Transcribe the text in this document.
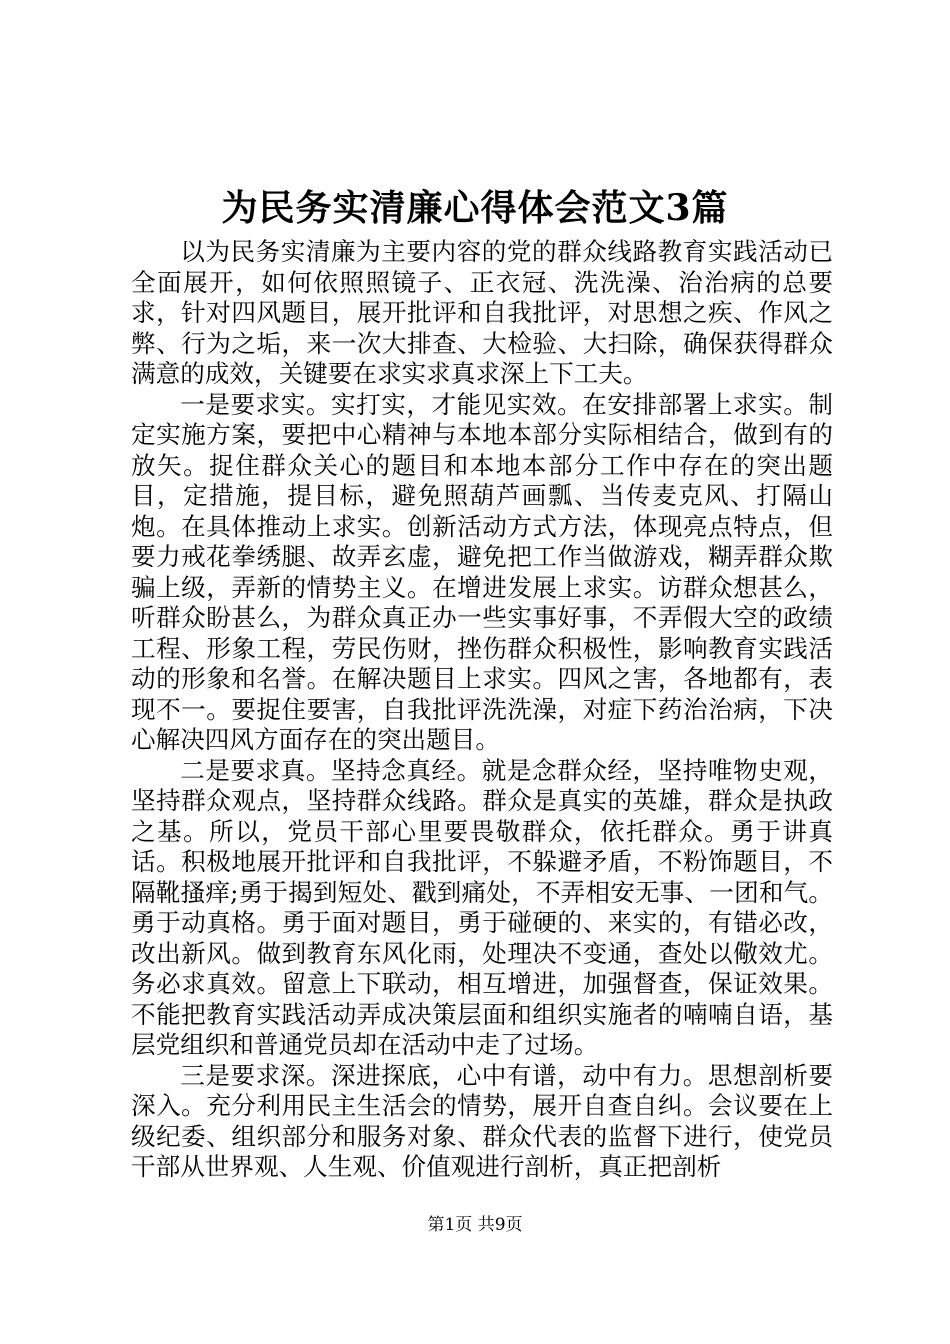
为民务实清廉心得体会范文3篇

以为民务实清廉为主要内容的党的群众线路教育实践活动已全面展开，如何依照照镜子、正衣冠、洗洗澡、治治病的总要求，针对四风题目，展开批评和自我批评，对思想之疾、作风之弊、行为之垢，来一次大排查、大检验、大扫除，确保获得群众满意的成效，关键要在求实求真求深上下工夫。

一是要求实。实打实，才能见实效。在安排部署上求实。制定实施方案，要把中心精神与本地本部分实际相结合，做到有的放矢。捉住群众关心的题目和本地本部分工作中存在的突出题目，定措施，提目标，避免照葫芦画瓢、当传麦克风、打隔山炮。在具体推动上求实。创新活动方式方法，体现亮点特点，但要力戒花拳绣腿、故弄玄虚，避免把工作当做游戏，糊弄群众欺骗上级，弄新的情势主义。在增进发展上求实。访群众想甚么，听群众盼甚么，为群众真正办一些实事好事，不弄假大空的政绩工程、形象工程，劳民伤财，挫伤群众积极性，影响教育实践活动的形象和名誉。在解决题目上求实。四风之害，各地都有，表现不一。要捉住要害，自我批评洗洗澡，对症下药治治病，下决心解决四风方面存在的突出题目。

二是要求真。坚持念真经。就是念群众经，坚持唯物史观，坚持群众观点，坚持群众线路。群众是真实的英雄，群众是执政之基。所以，党员干部心里要畏敬群众，依托群众。勇于讲真话。积极地展开批评和自我批评，不躲避矛盾，不粉饰题目，不隔靴搔痒;勇于揭到短处、戳到痛处，不弄相安无事、一团和气。勇于动真格。勇于面对题目，勇于碰硬的、来实的，有错必改，改出新风。做到教育东风化雨，处理决不变通，查处以儆效尤。务必求真效。留意上下联动，相互增进，加强督查，保证效果。不能把教育实践活动弄成决策层面和组织实施者的喃喃自语，基层党组织和普通党员却在活动中走了过场。

三是要求深。深进探底，心中有谱，动中有力。思想剖析要深入。充分利用民主生活会的情势，展开自查自纠。会议要在上级纪委、组织部分和服务对象、群众代表的监督下进行，使党员干部从世界观、人生观、价值观进行剖析，真正把剖析

第1页 共9页
